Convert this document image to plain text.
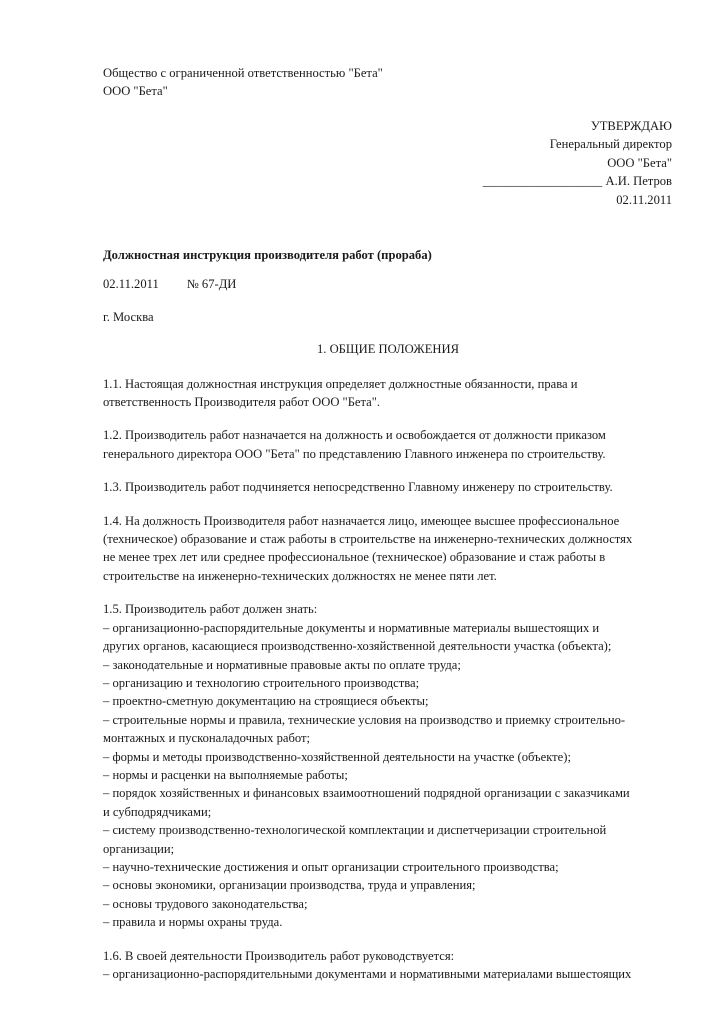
Общество с ограниченной ответственностью "Бета"
ООО "Бета"
УТВЕРЖДАЮ
Генеральный директор
ООО "Бета"
___________________ А.И. Петров
02.11.2011
Должностная инструкция производителя работ (прораба)
02.11.2011 № 67-ДИ
г. Москва
1. ОБЩИЕ ПОЛОЖЕНИЯ
1.1. Настоящая должностная инструкция определяет должностные обязанности, права и
ответственность Производителя работ ООО "Бета".
1.2. Производитель работ назначается на должность и освобождается от должности приказом
генерального директора ООО "Бета" по представлению Главного инженера по строительству.
1.3. Производитель работ подчиняется непосредственно Главному инженеру по строительству.
1.4. На должность Производителя работ назначается лицо, имеющее высшее профессиональное
(техническое) образование и стаж работы в строительстве на инженерно-технических должностях
не менее трех лет или среднее профессиональное (техническое) образование и стаж работы в
строительстве на инженерно-технических должностях не менее пяти лет.
1.5. Производитель работ должен знать:
– организационно-распорядительные документы и нормативные материалы вышестоящих и
других органов, касающиеся производственно-хозяйственной деятельности участка (объекта);
– законодательные и нормативные правовые акты по оплате труда;
– организацию и технологию строительного производства;
– проектно-сметную документацию на строящиеся объекты;
– строительные нормы и правила, технические условия на производство и приемку строительно-
монтажных и пусконаладочных работ;
– формы и методы производственно-хозяйственной деятельности на участке (объекте);
– нормы и расценки на выполняемые работы;
– порядок хозяйственных и финансовых взаимоотношений подрядной организации с заказчиками
и субподрядчиками;
– систему производственно-технологической комплектации и диспетчеризации строительной
организации;
– научно-технические достижения и опыт организации строительного производства;
– основы экономики, организации производства, труда и управления;
– основы трудового законодательства;
– правила и нормы охраны труда.
1.6. В своей деятельности Производитель работ руководствуется:
– организационно-распорядительными документами и нормативными материалами вышестоящих
